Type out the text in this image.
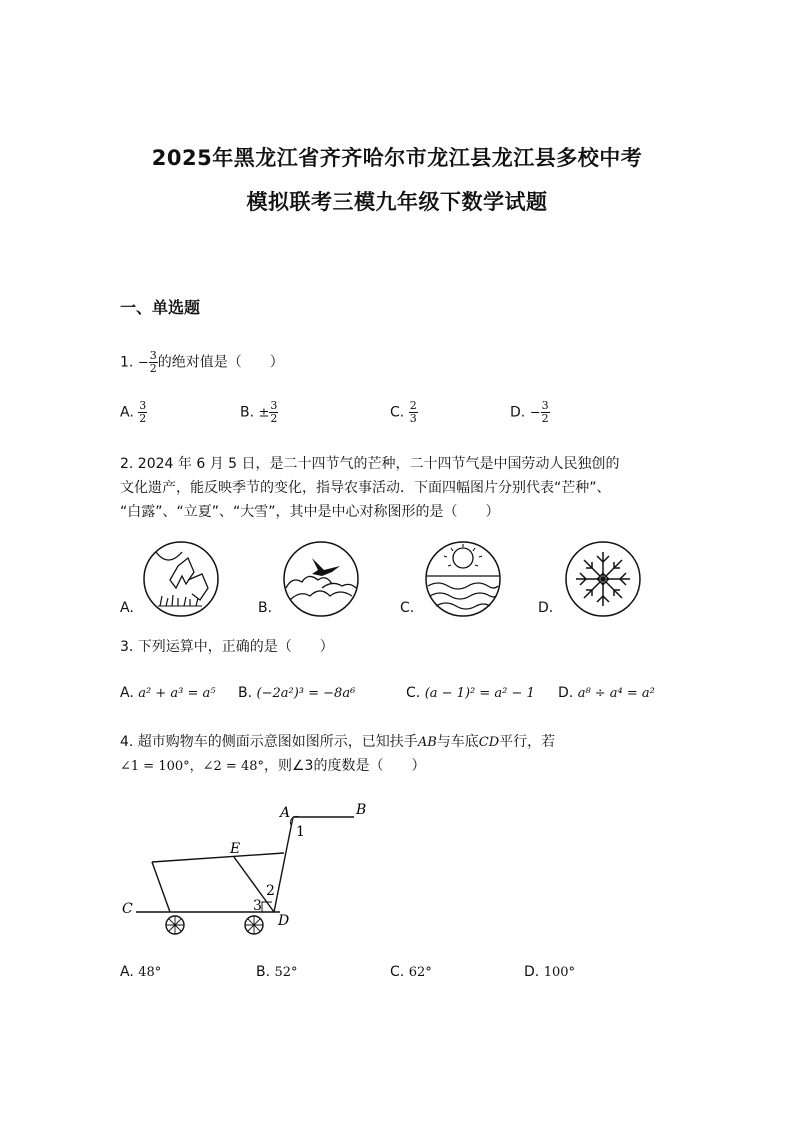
2025年黑龙江省齐齐哈尔市龙江县龙江县多校中考
模拟联考三模九年级下数学试题
一、单选题
1. − $\frac{3}{2}$ 的绝对值是（　　）
A. $\frac{3}{2}$	B. ± $\frac{3}{2}$	C. $\frac{2}{3}$	D. − $\frac{3}{2}$
2. 2024 年 6 月 5 日，是二十四节气的芒种，二十四节气是中国劳动人民独创的
文化遗产，能反映季节的变化，指导农事活动．下面四幅图片分别代表“芒种”、
“白露”、“立夏”、“大雪”，其中是中心对称图形的是（　　）
A.	B.	C.	D.
3. 下列运算中，正确的是（　　）
A. a² + a³ = a⁵ B. (−2a²)³ = −8a⁶	C. (a − 1)² = a² − 1 D. a⁸ ÷ a⁴ = a²
4. 超市购物车的侧面示意图如图所示，已知扶手AB与车底CD平行，若
∠1 = 100°，∠2 = 48°，则∠3的度数是（　　）
A	B
C
D
E
1
2
3
A. 48°	B. 52°	C. 62°	D. 100°
